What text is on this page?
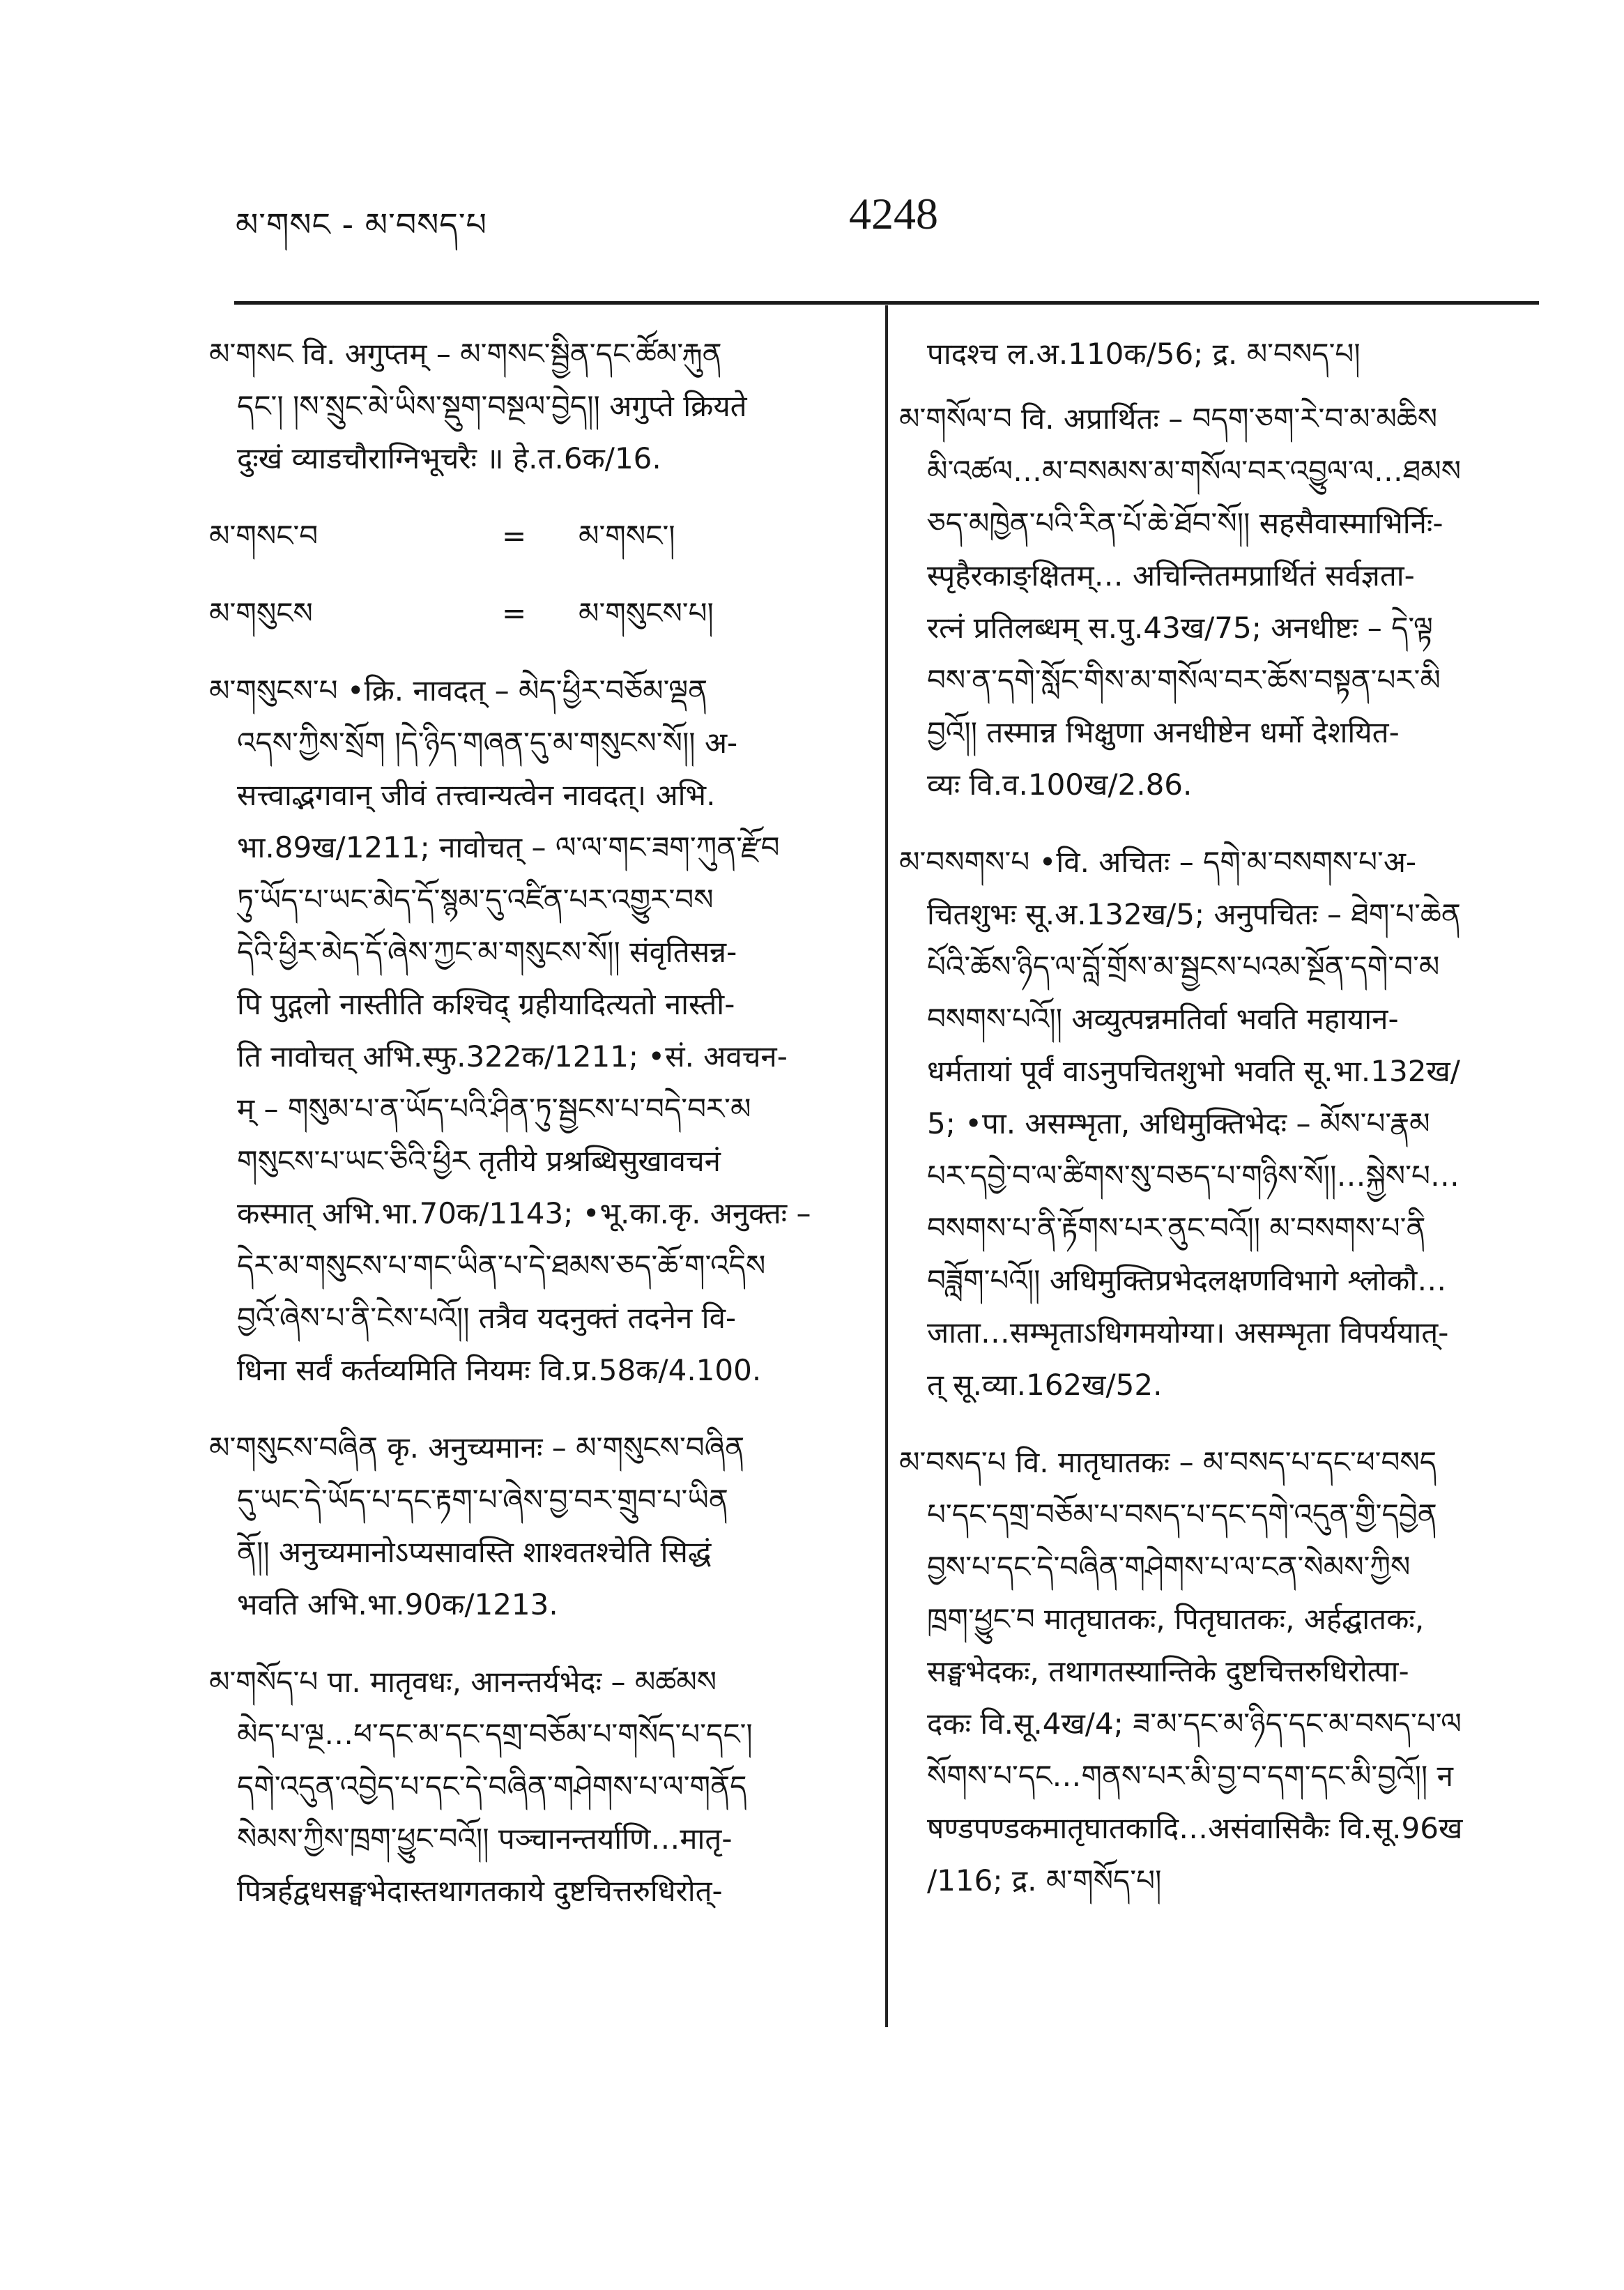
མ་གསང - མ་བསད་པ	4248
མ་གསང वि. अगुप्तम् – མ་གསང་སྦྱིན་དང་ཚོམ་རྐུན
དང་། །ས་སྲུང་མེ་ཡིས་སྡུག་བསྔལ་བྱེད།། अगुप्ते क्रियते
दुःखं व्याडचौराग्निभूचरैः ॥ हे.त.6क/16.
མ་གསང་བ	=	མ་གསང་།
མ་གསུངས	=	མ་གསུངས་པ།
མ་གསུངས་པ •क्रि. नावदत् – མེད་ཕྱིར་བཅོམ་ལྡན
འདས་ཀྱིས་སྲོག །དེ་ཉིད་གཞན་དུ་མ་གསུངས་སོ།། अ-
सत्त्वाद्भगवान् जीवं तत्त्वान्यत्वेन नावदत्। अभि.
भा.89ख/1211; नावोचत् – ལ་ལ་གང་ཟག་ཀུན་རྫོབ
ཏུ་ཡོད་པ་ཡང་མེད་དོ་སྙམ་དུ་འཛིན་པར་འགྱུར་བས
དེའི་ཕྱིར་མེད་དོ་ཞེས་ཀྱང་མ་གསུངས་སོ།། संवृतिसन्न-
पि पुद्गलो नास्तीति कश्चिद् ग्रहीयादित्यतो नास्ती-
ति नावोचत् अभि.स्फु.322क/1211; •सं. अवचन-
म् – གསུམ་པ་ན་ཡོད་པའི་ཤིན་ཏུ་སྦྱངས་པ་བདེ་བར་མ
གསུངས་པ་ཡང་ཅིའི་ཕྱིར तृतीये प्रश्रब्धिसुखावचनं
कस्मात् अभि.भा.70क/1143; •भू.का.कृ. अनुक्तः –
དེར་མ་གསུངས་པ་གང་ཡིན་པ་དེ་ཐམས་ཅད་ཆོ་ག་འདིས
བྱའོ་ཞེས་པ་ནི་ངེས་པའོ།། तत्रैव यदनुक्तं तदनेन वि-
धिना सर्वं कर्तव्यमिति नियमः वि.प्र.58क/4.100.
མ་གསུངས་བཞིན कृ. अनुच्यमानः – མ་གསུངས་བཞིན
དུ་ཡང་དེ་ཡོད་པ་དང་རྟག་པ་ཞེས་བྱ་བར་གྲུབ་པ་ཡིན
ནོ།། अनुच्यमानोऽप्यसावस्ति शाश्वतश्चेति सिद्धं
भवति अभि.भा.90क/1213.
མ་གསོད་པ पा. मातृवधः, आनन्तर्यभेदः – མཚམས
མེད་པ་ལྔ…ཕ་དང་མ་དང་དགྲ་བཅོམ་པ་གསོད་པ་དང་།
དགེ་འདུན་འབྱེད་པ་དང་དེ་བཞིན་གཤེགས་པ་ལ་གནོད
སེམས་ཀྱིས་ཁྲག་ཕྱུང་བའོ།། पञ्चानन्तर्याणि…मातृ-
पित्रर्हद्वधसङ्घभेदास्तथागतकाये दुष्टचित्तरुधिरोत्-
पादश्च ल.अ.110क/56; द्र. མ་བསད་པ།
མ་གསོལ་བ वि. अप्रार्थितः – བདག་ཅག་རེ་བ་མ་མཆིས
མི་འཚལ…མ་བསམས་མ་གསོལ་བར་འབྱུལ་ལ…ཐམས
ཅད་མཁྱེན་པའི་རིན་པོ་ཆེ་ཐོབ་སོ།། सहसैवास्माभिर्निः-
स्पृहैरकाङ्क्षितम्… अचिन्तितमप्रार्थितं सर्वज्ञता-
रत्नं प्रतिलब्धम् स.पु.43ख/75; अनधीष्टः – དེ་ལྟ
བས་ན་དགེ་སློང་གིས་མ་གསོལ་བར་ཆོས་བསྟན་པར་མི
བྱའོ།། तस्मान्न भिक्षुणा अनधीष्टेन धर्मो देशयित-
व्यः वि.व.100ख/2.86.
མ་བསགས་པ •वि. अचितः – དགེ་མ་བསགས་པ་अ-
चितशुभः सू.अ.132ख/5; अनुपचितः – ཐེག་པ་ཆེན
པོའི་ཆོས་ཉིད་ལ་བློ་གྲོས་མ་སྦྱངས་པའམ་སྔོན་དགེ་བ་མ
བསགས་པའོ།། अव्युत्पन्नमतिर्वा भवति महायान-
धर्मतायां पूर्वं वाऽनुपचितशुभो भवति सू.भा.132ख/
5; •पा. असम्भृता, अधिमुक्तिभेदः – མོས་པ་རྣམ
པར་དབྱེ་བ་ལ་ཚིགས་སུ་བཅད་པ་གཉིས་སོ།།…སྐྱེས་པ…
བསགས་པ་ནི་རྟོགས་པར་ནུང་བའོ།། མ་བསགས་པ་ནི
བཟློག་པའོ།། अधिमुक्तिप्रभेदलक्षणविभागे श्लोकौ…
जाता…सम्भृताऽधिगमयोग्या। असम्भृता विपर्ययात्-
त् सू.व्या.162ख/52.
མ་བསད་པ वि. मातृघातकः – མ་བསད་པ་དང་ཕ་བསད
པ་དང་དགྲ་བཅོམ་པ་བསད་པ་དང་དགེ་འདུན་གྱི་དབྱེན
བྱས་པ་དང་དེ་བཞིན་གཤེགས་པ་ལ་ངན་སེམས་ཀྱིས
ཁྲག་ཕྱུང་བ मातृघातकः, पितृघातकः, अर्हद्घातकः,
सङ्घभेदकः, तथागतस्यान्तिके दुष्टचित्तरुधिरोत्पा-
दकः वि.सू.4ख/4; ཟ་མ་དང་མ་ཉིད་དང་མ་བསད་པ་ལ
སོགས་པ་དང…གནས་པར་མི་བྱ་བ་དག་དང་མི་བྱའོ།། न
षण्डपण्डकमातृघातकादि…असंवासिकैः वि.सू.96ख
/116; द्र. མ་གསོད་པ།
